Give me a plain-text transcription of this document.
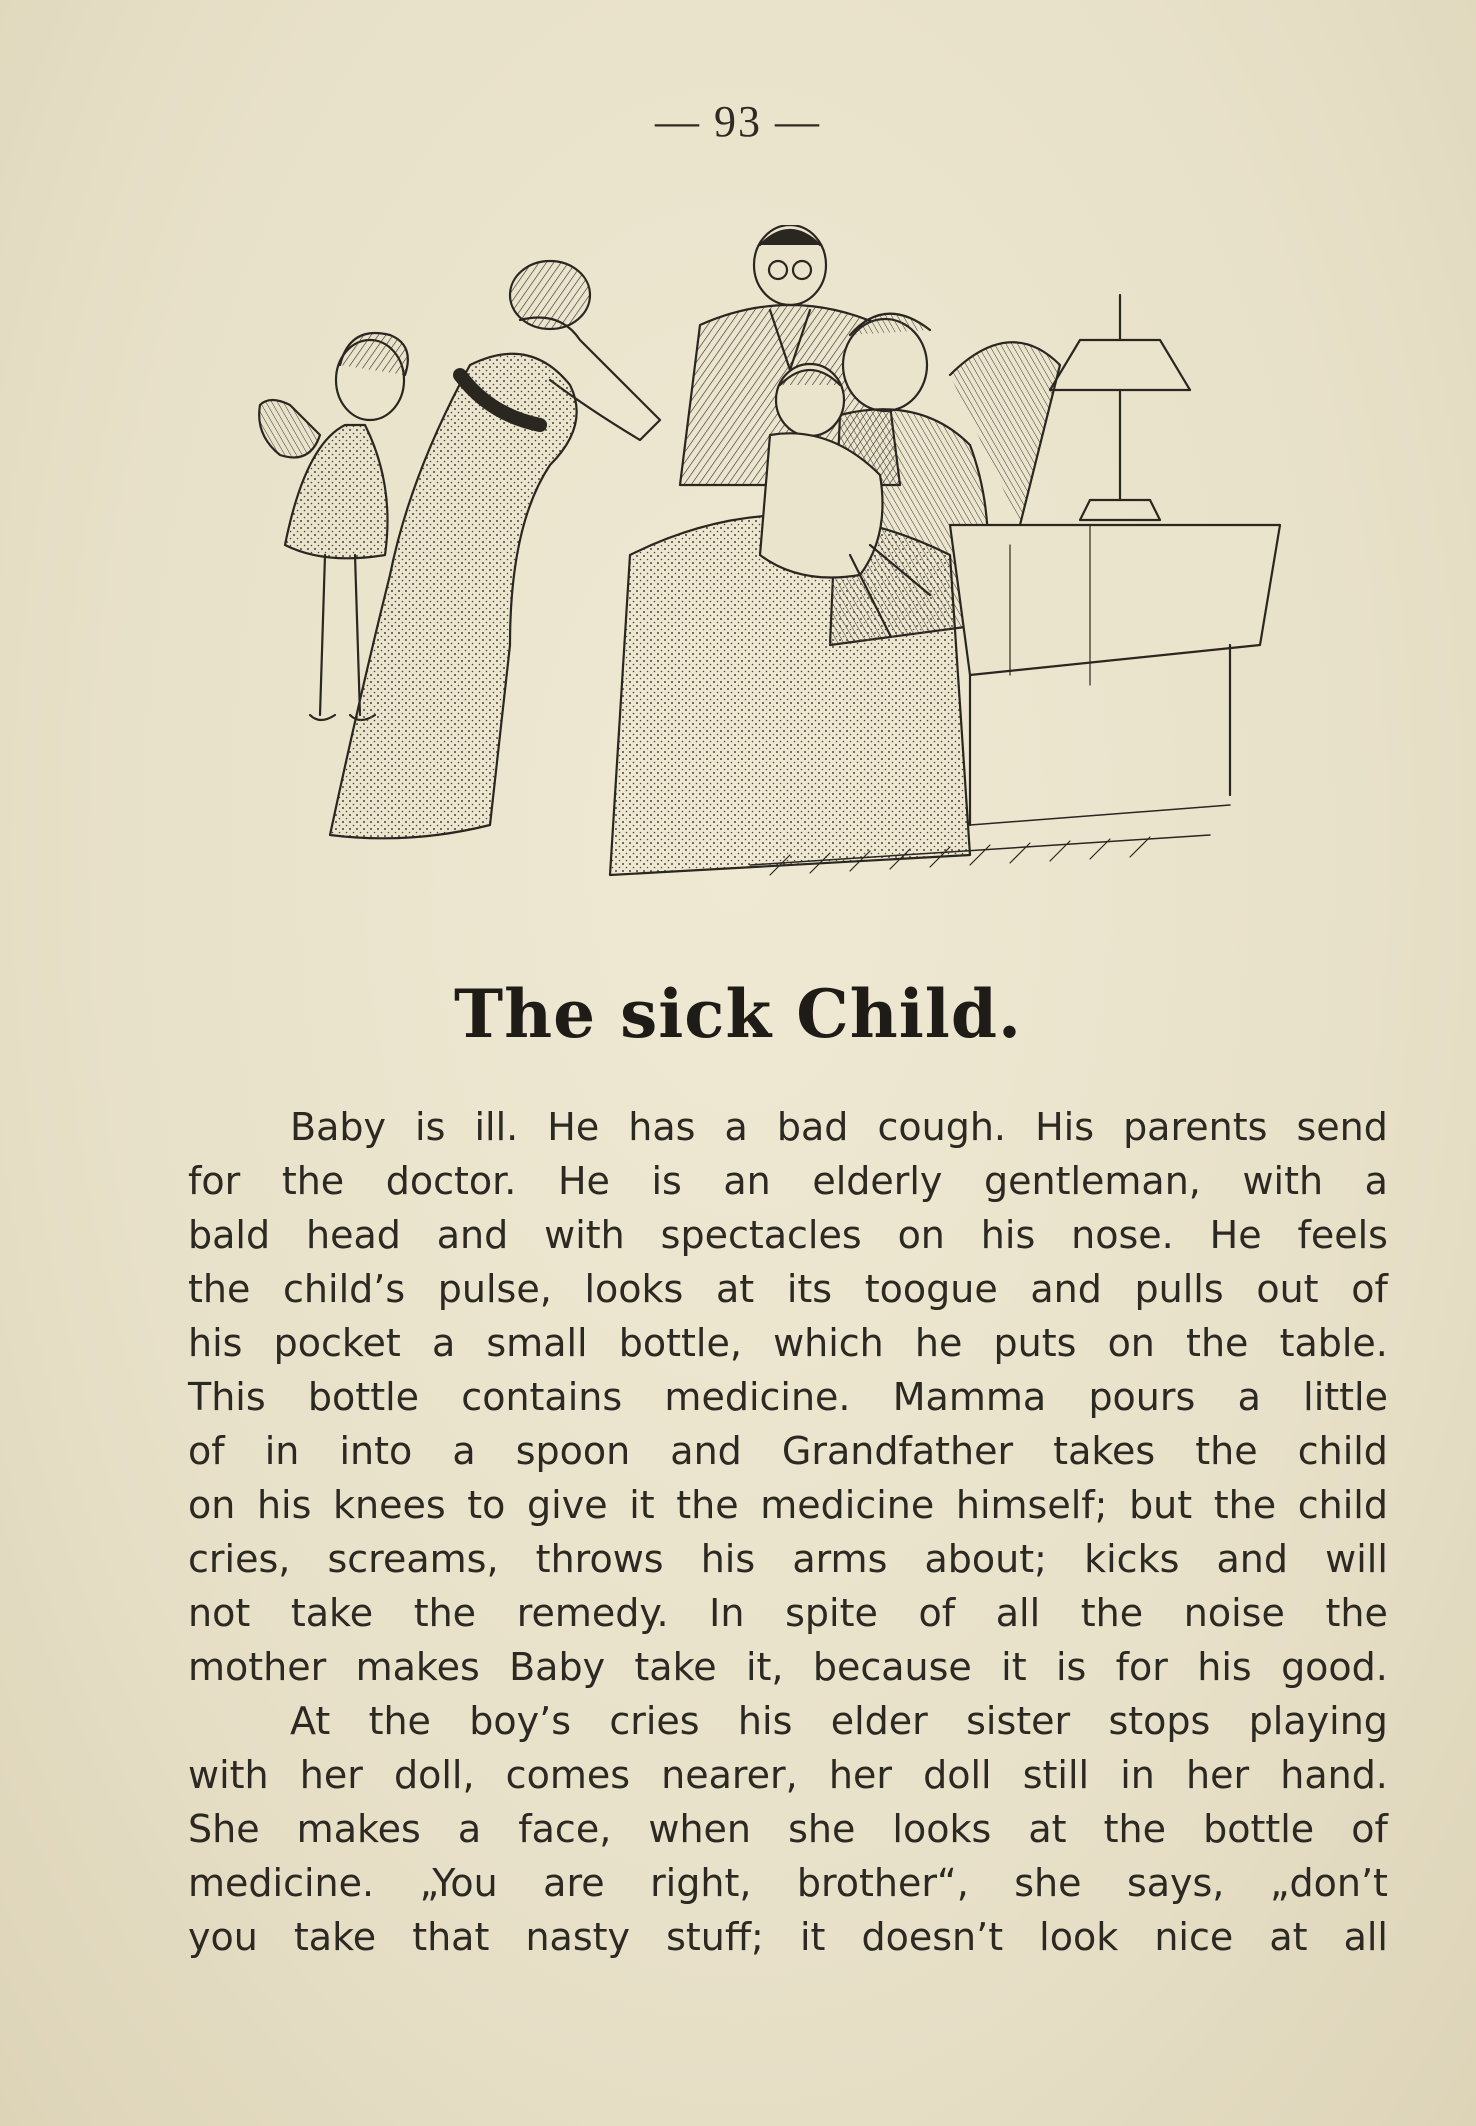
— 93 —
The sick Child.
Baby is ill. He has a bad cough. His parents send
for the doctor. He is an elderly gentleman, with a
bald head and with spectacles on his nose. He feels
the child’s pulse, looks at its toogue and pulls out of
his pocket a small bottle, which he puts on the table.
This bottle contains medicine. Mamma pours a little
of in into a spoon and Grandfather takes the child
on his knees to give it the medicine himself; but the child
cries, screams, throws his arms about; kicks and will
not take the remedy. In spite of all the noise the
mother makes Baby take it, because it is for his good.
At the boy’s cries his elder sister stops playing
with her doll, comes nearer, her doll still in her hand.
She makes a face, when she looks at the bottle of
medicine. „You are right, brother“, she says, „don’t
you take that nasty stuff; it doesn’t look nice at all
